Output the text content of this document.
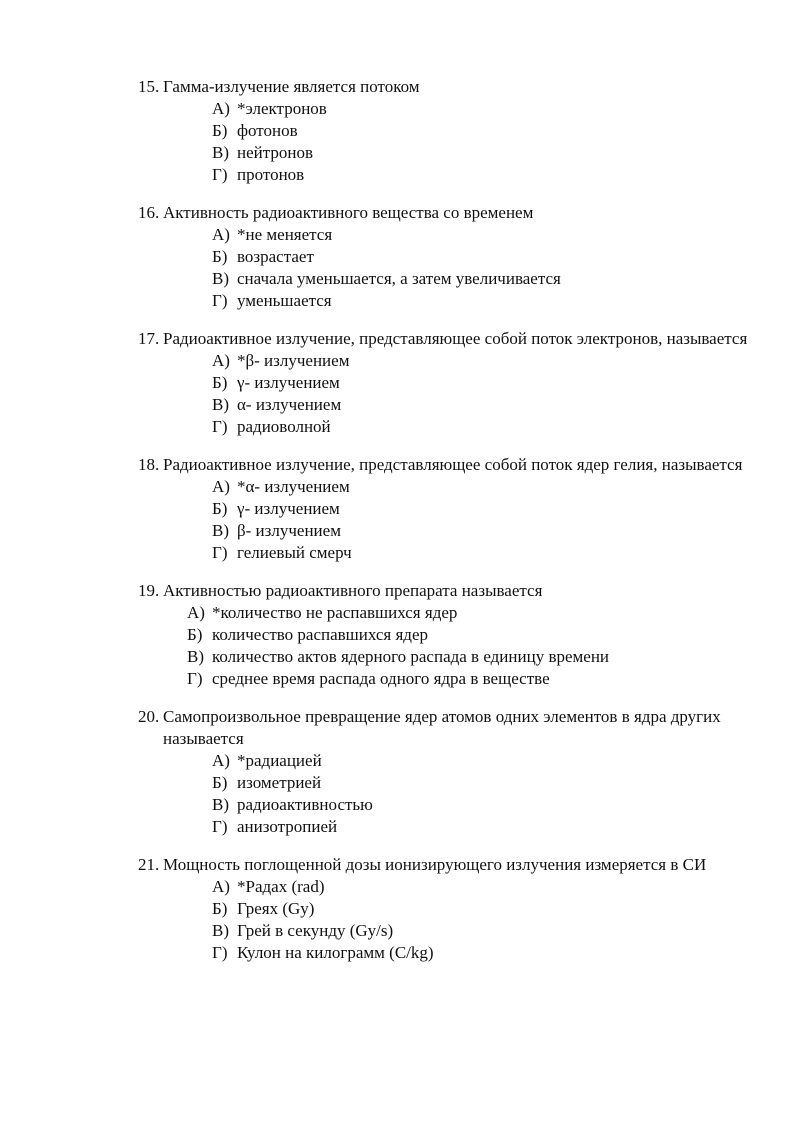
15. Гамма-излучение является потоком
А) *электронов
Б) фотонов
В) нейтронов
Г) протонов
16. Активность радиоактивного вещества со временем
А) *не меняется
Б) возрастает
В) сначала уменьшается, а затем увеличивается
Г) уменьшается
17. Радиоактивное излучение, представляющее собой поток электронов, называется
А) *β- излучением
Б) γ- излучением
В) α- излучением
Г) радиоволной
18. Радиоактивное излучение, представляющее собой поток ядер гелия, называется
А) *α- излучением
Б) γ- излучением
В) β- излучением
Г) гелиевый смерч
19. Активностью радиоактивного препарата называется
А) *количество не распавшихся ядер
Б) количество распавшихся ядер
В) количество актов ядерного распада в единицу времени
Г) среднее время распада одного ядра в веществе
20. Самопроизвольное превращение ядер атомов одних элементов в ядра других называется
А) *радиацией
Б) изометрией
В) радиоактивностью
Г) анизотропией
21. Мощность поглощенной дозы ионизирующего излучения измеряется в СИ
А) *Радах (rad)
Б) Греях (Gy)
В) Грей в секунду (Gy/s)
Г) Кулон на килограмм (C/kg)
